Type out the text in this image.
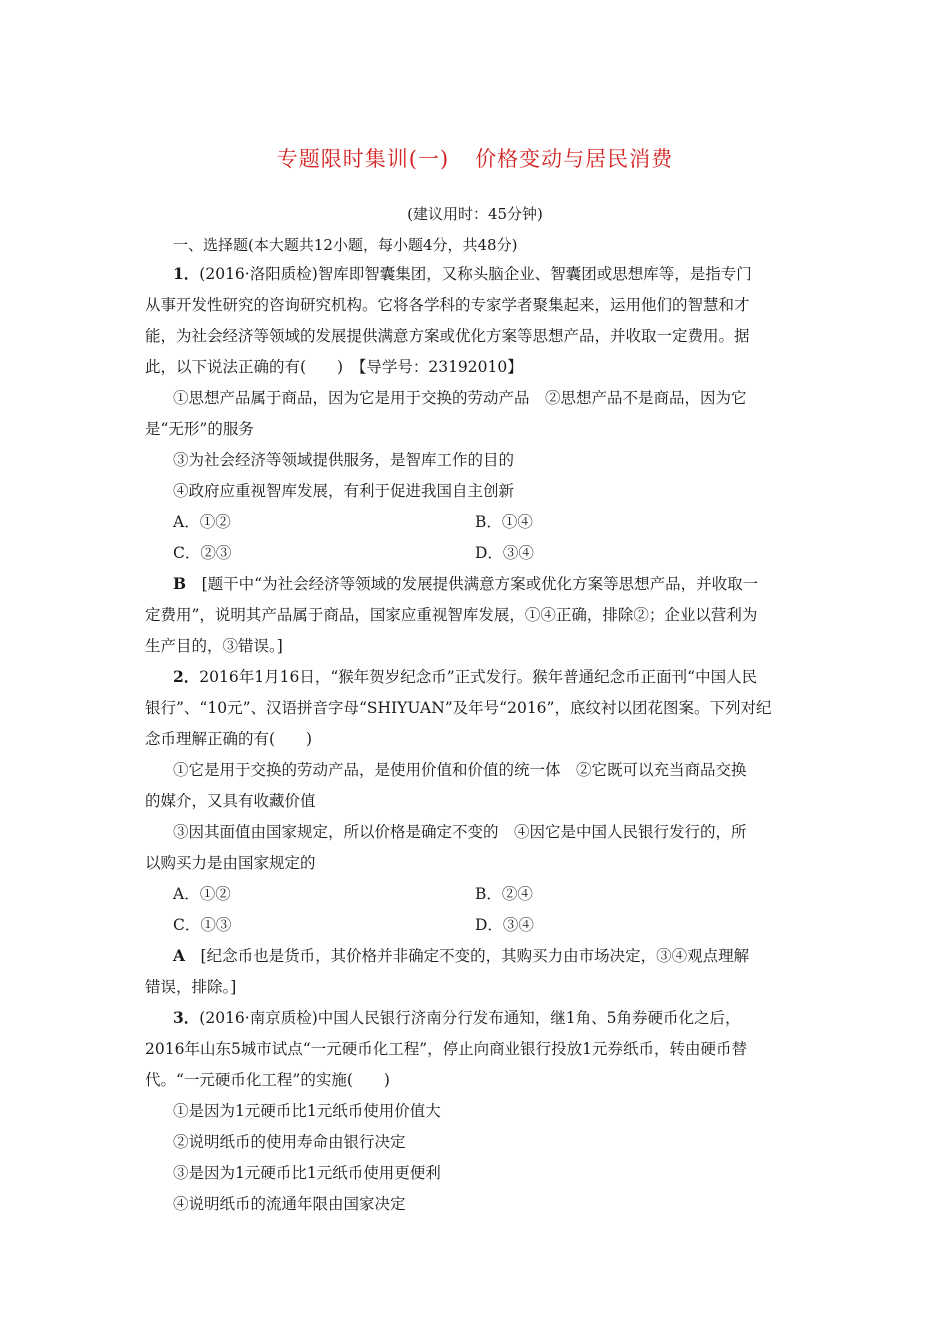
专题限时集训(一) 价格变动与居民消费
(建议用时：45分钟)
一、选择题(本大题共12小题，每小题4分，共48分)
1．(2016·洛阳质检)智库即智囊集团，又称头脑企业、智囊团或思想库等，是指专门
从事开发性研究的咨询研究机构。它将各学科的专家学者聚集起来，运用他们的智慧和才
能，为社会经济等领域的发展提供满意方案或优化方案等思想产品，并收取一定费用。据
此，以下说法正确的有(　　)　【导学号：23192010】
①思想产品属于商品，因为它是用于交换的劳动产品　②思想产品不是商品，因为它
是“无形”的服务
③为社会经济等领域提供服务，是智库工作的目的
④政府应重视智库发展，有利于促进我国自主创新
A．①②	B．①④
C．②③	D．③④
B　 [题干中“为社会经济等领域的发展提供满意方案或优化方案等思想产品，并收取一
定费用”，说明其产品属于商品，国家应重视智库发展，①④正确，排除②；企业以营利为
生产目的，③错误。]
2．2016年1月16日，“猴年贺岁纪念币”正式发行。猴年普通纪念币正面刊“中国人民
银行”、“10元”、汉语拼音字母“SHIYUAN”及年号“2016”，底纹衬以团花图案。下列对纪
念币理解正确的有(　　)
①它是用于交换的劳动产品，是使用价值和价值的统一体　②它既可以充当商品交换
的媒介，又具有收藏价值
③因其面值由国家规定，所以价格是确定不变的　④因它是中国人民银行发行的，所
以购买力是由国家规定的
A．①②	B．②④
C．①③	D．③④
A　 [纪念币也是货币，其价格并非确定不变的，其购买力由市场决定，③④观点理解
错误，排除。]
3．(2016·南京质检)中国人民银行济南分行发布通知，继1角、5角券硬币化之后，
2016年山东5城市试点“一元硬币化工程”，停止向商业银行投放1元券纸币，转由硬币替
代。“一元硬币化工程”的实施(　　)
①是因为1元硬币比1元纸币使用价值大
②说明纸币的使用寿命由银行决定
③是因为1元硬币比1元纸币使用更便利
④说明纸币的流通年限由国家决定
